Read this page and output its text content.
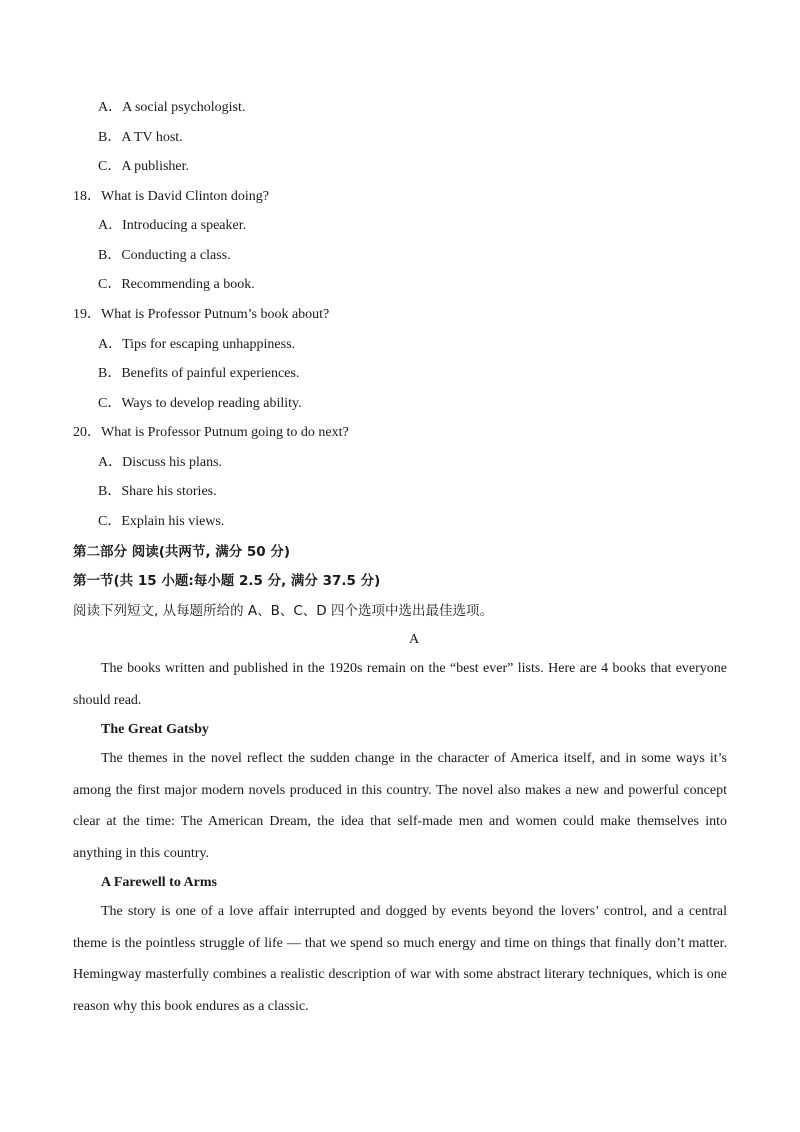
A．A social psychologist.
B．A TV host.
C．A publisher.
18．What is David Clinton doing?
A．Introducing a speaker.
B．Conducting a class.
C．Recommending a book.
19．What is Professor Putnum’s book about?
A．Tips for escaping unhappiness.
B．Benefits of painful experiences.
C．Ways to develop reading ability.
20．What is Professor Putnum going to do next?
A．Discuss his plans.
B．Share his stories.
C．Explain his views.
第二部分 阅读(共两节, 满分 50 分)
第一节(共 15 小题:每小题 2.5 分, 满分 37.5 分)
阅读下列短文, 从每题所给的 A、B、C、D 四个选项中选出最佳选项。
A

The books written and published in the 1920s remain on the “best ever” lists. Here are 4 books that everyone should read.

The Great Gatsby

The themes in the novel reflect the sudden change in the character of America itself, and in some ways it’s among the first major modern novels produced in this country. The novel also makes a new and powerful concept clear at the time: The American Dream, the idea that self-made men and women could make themselves into anything in this country.

A Farewell to Arms

The story is one of a love affair interrupted and dogged by events beyond the lovers’ control, and a central theme is the pointless struggle of life — that we spend so much energy and time on things that finally don’t matter. Hemingway masterfully combines a realistic description of war with some abstract literary techniques, which is one reason why this book endures as a classic.
